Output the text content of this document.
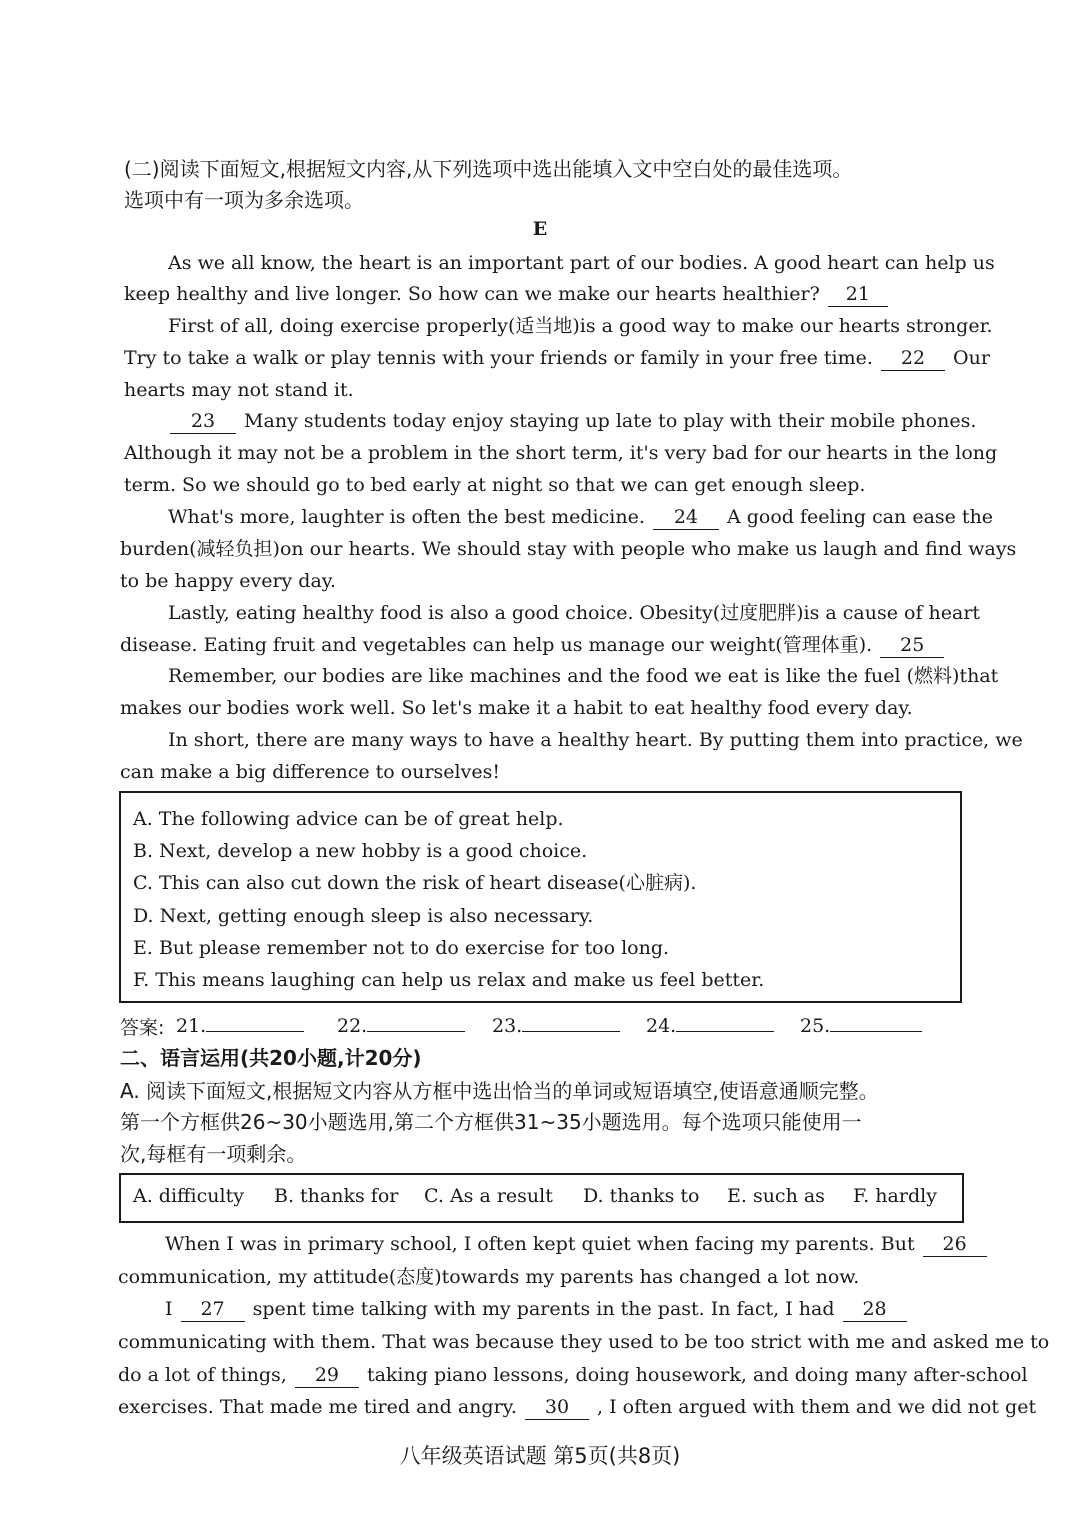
(二)阅读下面短文,根据短文内容,从下列选项中选出能填入文中空白处的最佳选项。
选项中有一项为多余选项。
E
As we all know, the heart is an important part of our bodies. A good heart can help us
keep healthy and live longer. So how can we make our hearts healthier? 21
First of all, doing exercise properly(适当地)is a good way to make our hearts stronger.
Try to take a walk or play tennis with your friends or family in your free time. 22 Our
hearts may not stand it.
23 Many students today enjoy staying up late to play with their mobile phones.
Although it may not be a problem in the short term, it's very bad for our hearts in the long
term. So we should go to bed early at night so that we can get enough sleep.
What's more, laughter is often the best medicine. 24 A good feeling can ease the
burden(减轻负担)on our hearts. We should stay with people who make us laugh and find ways
to be happy every day.
Lastly, eating healthy food is also a good choice. Obesity(过度肥胖)is a cause of heart
disease. Eating fruit and vegetables can help us manage our weight(管理体重). 25
Remember, our bodies are like machines and the food we eat is like the fuel (燃料)that
makes our bodies work well. So let's make it a habit to eat healthy food every day.
In short, there are many ways to have a healthy heart. By putting them into practice, we
can make a big difference to ourselves!
A. The following advice can be of great help.
B. Next, develop a new hobby is a good choice.
C. This can also cut down the risk of heart disease(心脏病).
D. Next, getting enough sleep is also necessary.
E. But please remember not to do exercise for too long.
F. This means laughing can help us relax and make us feel better.
答案: 21.	22.	23.	24.	25.
二、语言运用(共20小题,计20分)
A. 阅读下面短文,根据短文内容从方框中选出恰当的单词或短语填空,使语意通顺完整。
第一个方框供26~30小题选用,第二个方框供31~35小题选用。每个选项只能使用一
次,每框有一项剩余。
A. difficulty B. thanks for C. As a result D. thanks to E. such as F. hardly
When I was in primary school, I often kept quiet when facing my parents. But 26
communication, my attitude(态度)towards my parents has changed a lot now.
I 27 spent time talking with my parents in the past. In fact, I had 28
communicating with them. That was because they used to be too strict with me and asked me to
do a lot of things, 29 taking piano lessons, doing housework, and doing many after-school
exercises. That made me tired and angry. 30 , I often argued with them and we did not get
八年级英语试题 第5页(共8页)
